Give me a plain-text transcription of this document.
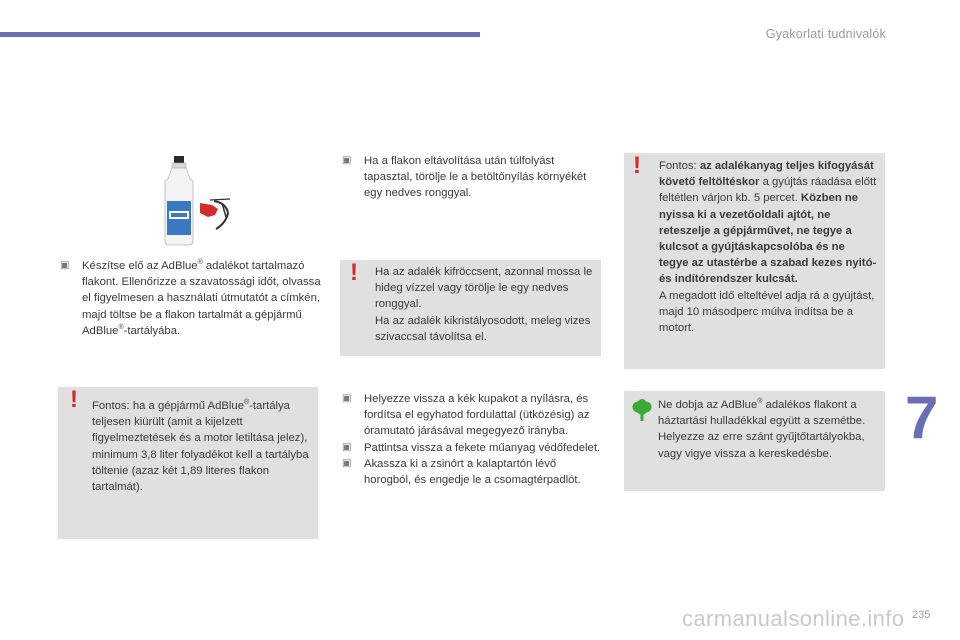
Gyakorlati tudnivalók
▣ Készítse elő az AdBlue® adalékot tartalmazó flakont. Ellenőrizze a szavatossági időt, olvassa el figyelmesen a használati útmutatót a címkén, majd töltse be a flakon tartalmát a gépjármű AdBlue®-tartályába.
! Fontos: ha a gépjármű AdBlue®-tartálya teljesen kiürült (amit a kijelzett figyelmeztetések és a motor letiltása jelez), minimum 3,8 liter folyadékot kell a tartályba töltenie (azaz két 1,89 literes flakon tartalmát).
▣ Ha a flakon eltávolítása után túlfolyást tapasztal, törölje le a betöltőnyílás környékét egy nedves ronggyal.
! Ha az adalék kifröccsent, azonnal mossa le hideg vízzel vagy törölje le egy nedves ronggyal.
Ha az adalék kikristályosodott, meleg vizes szivaccsal távolítsa el.
▣ Helyezze vissza a kék kupakot a nyílásra, és fordítsa el egyhatod fordulattal (ütközésig) az óramutató járásával megegyező irányba.
▣ Pattintsa vissza a fekete műanyag védőfedelet.
▣ Akassza ki a zsinórt a kalaptartón lévő horogból, és engedje le a csomagtérpadlót.
! Fontos: az adalékanyag teljes kifogyását követő feltöltéskor a gyújtás ráadása előtt feltétlen várjon kb. 5 percet. Közben ne nyissa ki a vezetőoldali ajtót, ne reteszelje a gépjárművet, ne tegye a kulcsot a gyújtáskapcsolóba és ne tegye az utastérbe a szabad kezes nyitó-és indítórendszer kulcsát.
A megadott idő elteltével adja rá a gyújtást, majd 10 másodperc múlva indítsa be a motort.
Ne dobja az AdBlue® adalékos flakont a háztartási hulladékkal együtt a szemétbe. Helyezze az erre szánt gyűjtőtartályokba, vagy vigye vissza a kereskedésbe.
7
carmanualsonline.info 235
